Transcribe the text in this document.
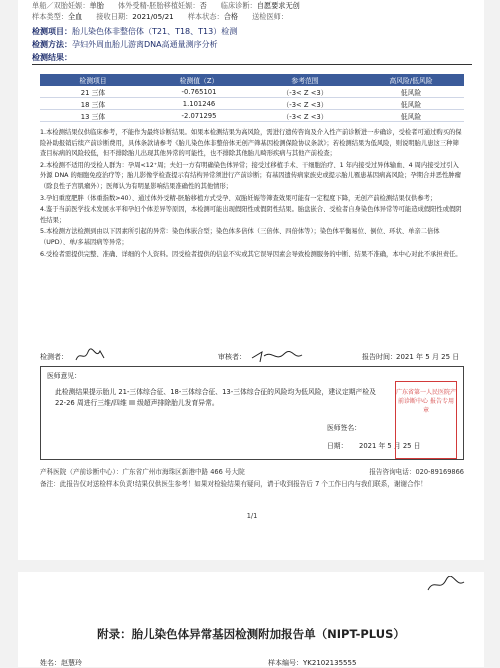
单船／双胎妊娠：单胎 体外受精-胚胎移植妊娠：否 临床诊断：自愿要求无创
样本类型：全血 接收日期：2021/05/21 样本状态：合格 送检医师：
检测项目：胎儿染色体非整倍体（T21、T18、T13）检测
检测方法：孕妇外周血胎儿游离DNA高通量测序分析
检测结果：
检测项目	检测值（Z）	参考范围	高风险/低风险
21 三体	-0.765101	（-3< Z <3）	低风险
18 三体	1.101246	（-3< Z <3）	低风险
13 三体	-2.071295	（-3< Z <3）	低风险

1.本检测结果仅供临床参考，不能作为最终诊断结果。如果本检测结果为高风险，需进行遗传咨询及介入性产前诊断进一步确诊，受检者可通过购买的保险补助报销后续产前诊断费用，具体条款请参考《胎儿染色体非整倍体无创产筛基因检测保险协议条款》；若检测结果为低风险，则说明胎儿患这三种筛查目标病的风险较低，但不排除胎儿出现其他异常的可能性，也不排除其他胎儿畸形疾病与其他产前检查；

2.本检测不适用的受检人群为：孕周<12⁺周；夫妇一方有明确染色体异常；接受过移植手术、干细胞治疗、1 年内接受过异体输血、4 周内接受过引入外源 DNA 的细胞免疫治疗等；胎儿影像学检查提示有结构异常须进行产前诊断；有基因遗传病家族史或提示胎儿罹患基因病高风险；孕期合并恶性肿瘤（除良性子宫肌瘤外）；医师认为有明显影响结果准确性的其他情形；

3.孕妇重度肥胖（体重指数>40）、通过体外受精-胚胎移植方式受孕、双胎妊娠等筛查效果可能有一定程度下降，无创产前检测结果仅供参考；

4.鉴于当前医学技术发展水平和孕妇个体差异等原因，本检测可能出现假阳性或假阴性结果。胎盘嵌合、受检者自身染色体异常等可能造成假阳性或假阴性结果；

5.本检测方法检测到由以下因素所引起的异常：染色体嵌合型；染色体多倍体（三倍体、四倍体等）；染色体平衡易位、倒位、环状、单亲二倍体（UPD）、单/多基因病等异常；

6.受检者需提供完整、准确、详细的个人资料。因受检者提供的信息不实或其它误导因素会导致检测服务的中断、结果不准确，本中心对此不承担责任。

检测者：	审核者：	报告时间： 2021 年 5 月 25 日
医师意见：
此检测结果提示胎儿 21-三体综合征、18-三体综合征、13-三体综合征的风险均为低风险，建议定期产检及 22-26 周进行三维/四维 III 级超声排除胎儿发育异常。
医师签名：
日期： 2021 年 5 月 25 日
广东省第一人民医院产前诊断中心 报告专用章
产科医院（产前诊断中心）：广东省广州市海珠区新港中路 466 号大院	报告咨询电话：020-89169866
备注：此报告仅对送检样本负责!结果仅供医生参考！如果对检验结果有疑问，请于收到报告后 7 个工作日内与我们联系，谢谢合作！
1/1
附录：胎儿染色体异常基因检测附加报告单（NIPT-PLUS）
姓名：赵慧玲	样本编号：YK2102135555
